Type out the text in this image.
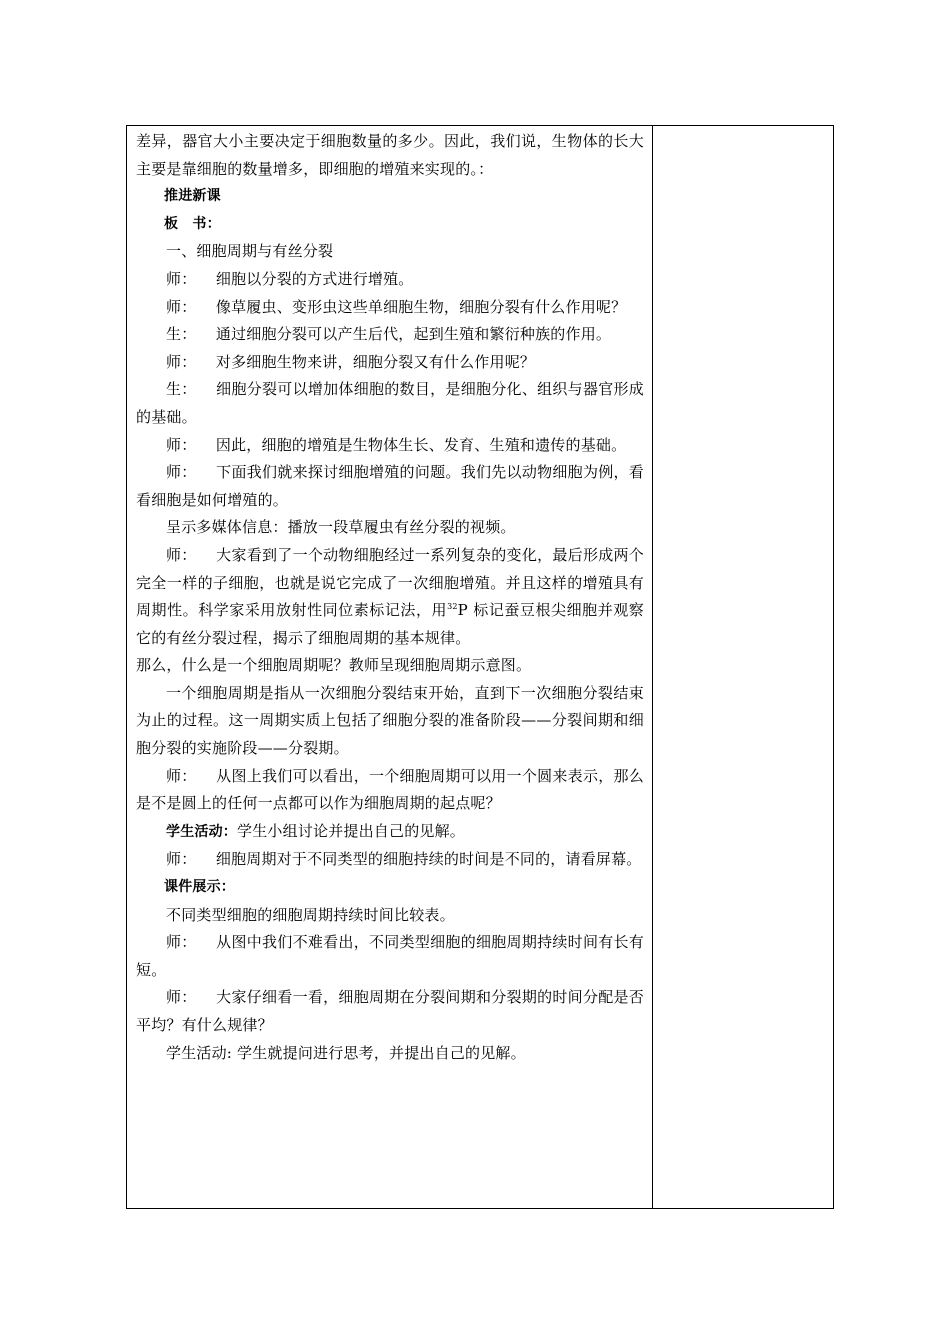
差异，器官大小主要决定于细胞数量的多少。因此，我们说，生物体的长大主要是靠细胞的数量增多，即细胞的增殖来实现的。：

推进新课

板　书：

一、细胞周期与有丝分裂

师： 细胞以分裂的方式进行增殖。

师： 像草履虫、变形虫这些单细胞生物，细胞分裂有什么作用呢？

生： 通过细胞分裂可以产生后代，起到生殖和繁衍种族的作用。

师： 对多细胞生物来讲，细胞分裂又有什么作用呢？

生： 细胞分裂可以增加体细胞的数目，是细胞分化、组织与器官形成的基础。

师： 因此，细胞的增殖是生物体生长、发育、生殖和遗传的基础。

师： 下面我们就来探讨细胞增殖的问题。我们先以动物细胞为例，看看细胞是如何增殖的。

呈示多媒体信息：播放一段草履虫有丝分裂的视频。

师： 大家看到了一个动物细胞经过一系列复杂的变化，最后形成两个完全一样的子细胞，也就是说它完成了一次细胞增殖。并且这样的增殖具有周期性。科学家采用放射性同位素标记法，用$^{32}$P 标记蚕豆根尖细胞并观察它的有丝分裂过程，揭示了细胞周期的基本规律。

那么，什么是一个细胞周期呢？教师呈现细胞周期示意图。

一个细胞周期是指从一次细胞分裂结束开始，直到下一次细胞分裂结束为止的过程。这一周期实质上包括了细胞分裂的准备阶段——分裂间期和细胞分裂的实施阶段——分裂期。

师： 从图上我们可以看出，一个细胞周期可以用一个圆来表示，那么是不是圆上的任何一点都可以作为细胞周期的起点呢？

学生活动：学生小组讨论并提出自己的见解。

师： 细胞周期对于不同类型的细胞持续的时间是不同的，请看屏幕。

课件展示：

不同类型细胞的细胞周期持续时间比较表。

师： 从图中我们不难看出，不同类型细胞的细胞周期持续时间有长有短。

师： 大家仔细看一看，细胞周期在分裂间期和分裂期的时间分配是否平均？有什么规律？

学生活动: 学生就提问进行思考，并提出自己的见解。
